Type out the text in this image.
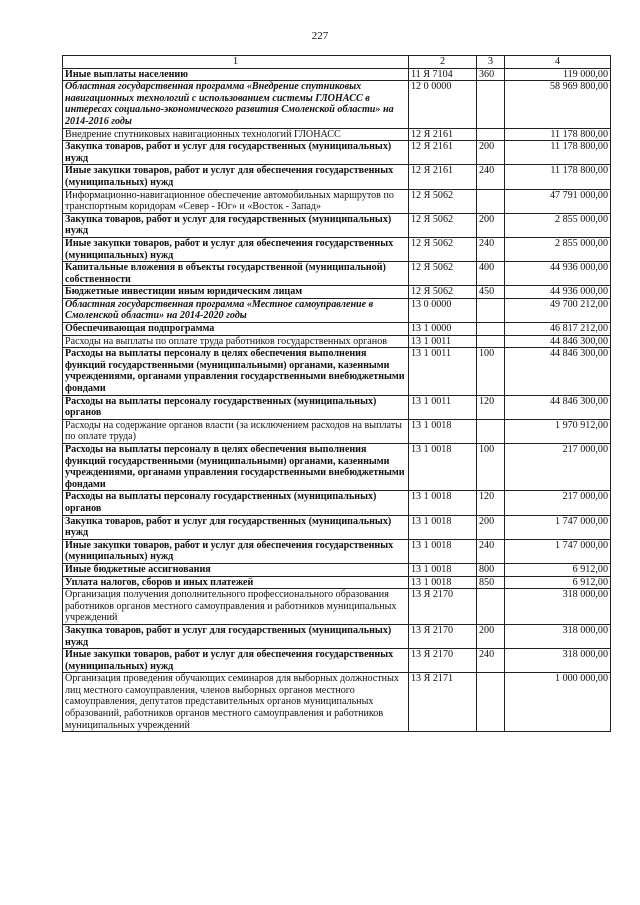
227
1	2	3	4
Иные выплаты населению	11 Я 7104	360	119 000,00
Областная государственная программа «Внедрение спутниковых навигационных технологий с использованием системы ГЛОНАСС в интересах социально-экономического развития Смоленской области» на 2014-2016 годы	12 0 0000		58 969 800,00
Внедрение спутниковых навигационных технологий ГЛОНАСС	12 Я 2161		11 178 800,00
Закупка товаров, работ и услуг для государственных (муниципальных) нужд	12 Я 2161	200	11 178 800,00
Иные закупки товаров, работ и услуг для обеспечения государственных (муниципальных) нужд	12 Я 2161	240	11 178 800,00
Информационно-навигационное обеспечение автомобильных маршрутов по транспортным коридорам «Север - Юг» и «Восток - Запад»	12 Я 5062		47 791 000,00
Закупка товаров, работ и услуг для государственных (муниципальных) нужд	12 Я 5062	200	2 855 000,00
Иные закупки товаров, работ и услуг для обеспечения государственных (муниципальных) нужд	12 Я 5062	240	2 855 000,00
Капитальные вложения в объекты государственной (муниципальной) собственности	12 Я 5062	400	44 936 000,00
Бюджетные инвестиции иным юридическим лицам	12 Я 5062	450	44 936 000,00
Областная государственная программа «Местное самоуправление в Смоленской области» на 2014-2020 годы	13 0 0000		49 700 212,00
Обеспечивающая подпрограмма	13 1 0000		46 817 212,00
Расходы на выплаты по оплате труда работников государственных органов	13 1 0011		44 846 300,00
Расходы на выплаты персоналу в целях обеспечения выполнения функций государственными (муниципальными) органами, казенными учреждениями, органами управления государственными внебюджетными фондами	13 1 0011	100	44 846 300,00
Расходы на выплаты персоналу государственных (муниципальных) органов	13 1 0011	120	44 846 300,00
Расходы на содержание органов власти (за исключением расходов на выплаты по оплате труда)	13 1 0018		1 970 912,00
Расходы на выплаты персоналу в целях обеспечения выполнения функций государственными (муниципальными) органами, казенными учреждениями, органами управления государственными внебюджетными фондами	13 1 0018	100	217 000,00
Расходы на выплаты персоналу государственных (муниципальных) органов	13 1 0018	120	217 000,00
Закупка товаров, работ и услуг для государственных (муниципальных) нужд	13 1 0018	200	1 747 000,00
Иные закупки товаров, работ и услуг для обеспечения государственных (муниципальных) нужд	13 1 0018	240	1 747 000,00
Иные бюджетные ассигнования	13 1 0018	800	6 912,00
Уплата налогов, сборов и иных платежей	13 1 0018	850	6 912,00
Организация получения дополнительного профессионального образования работников органов местного самоуправления и работников муниципальных учреждений	13 Я 2170		318 000,00
Закупка товаров, работ и услуг для государственных (муниципальных) нужд	13 Я 2170	200	318 000,00
Иные закупки товаров, работ и услуг для обеспечения государственных (муниципальных) нужд	13 Я 2170	240	318 000,00
Организация проведения обучающих семинаров для выборных должностных лиц местного самоуправления, членов выборных органов местного самоуправления, депутатов представительных органов муниципальных образований, работников органов местного самоуправления и работников муниципальных учреждений	13 Я 2171		1 000 000,00
